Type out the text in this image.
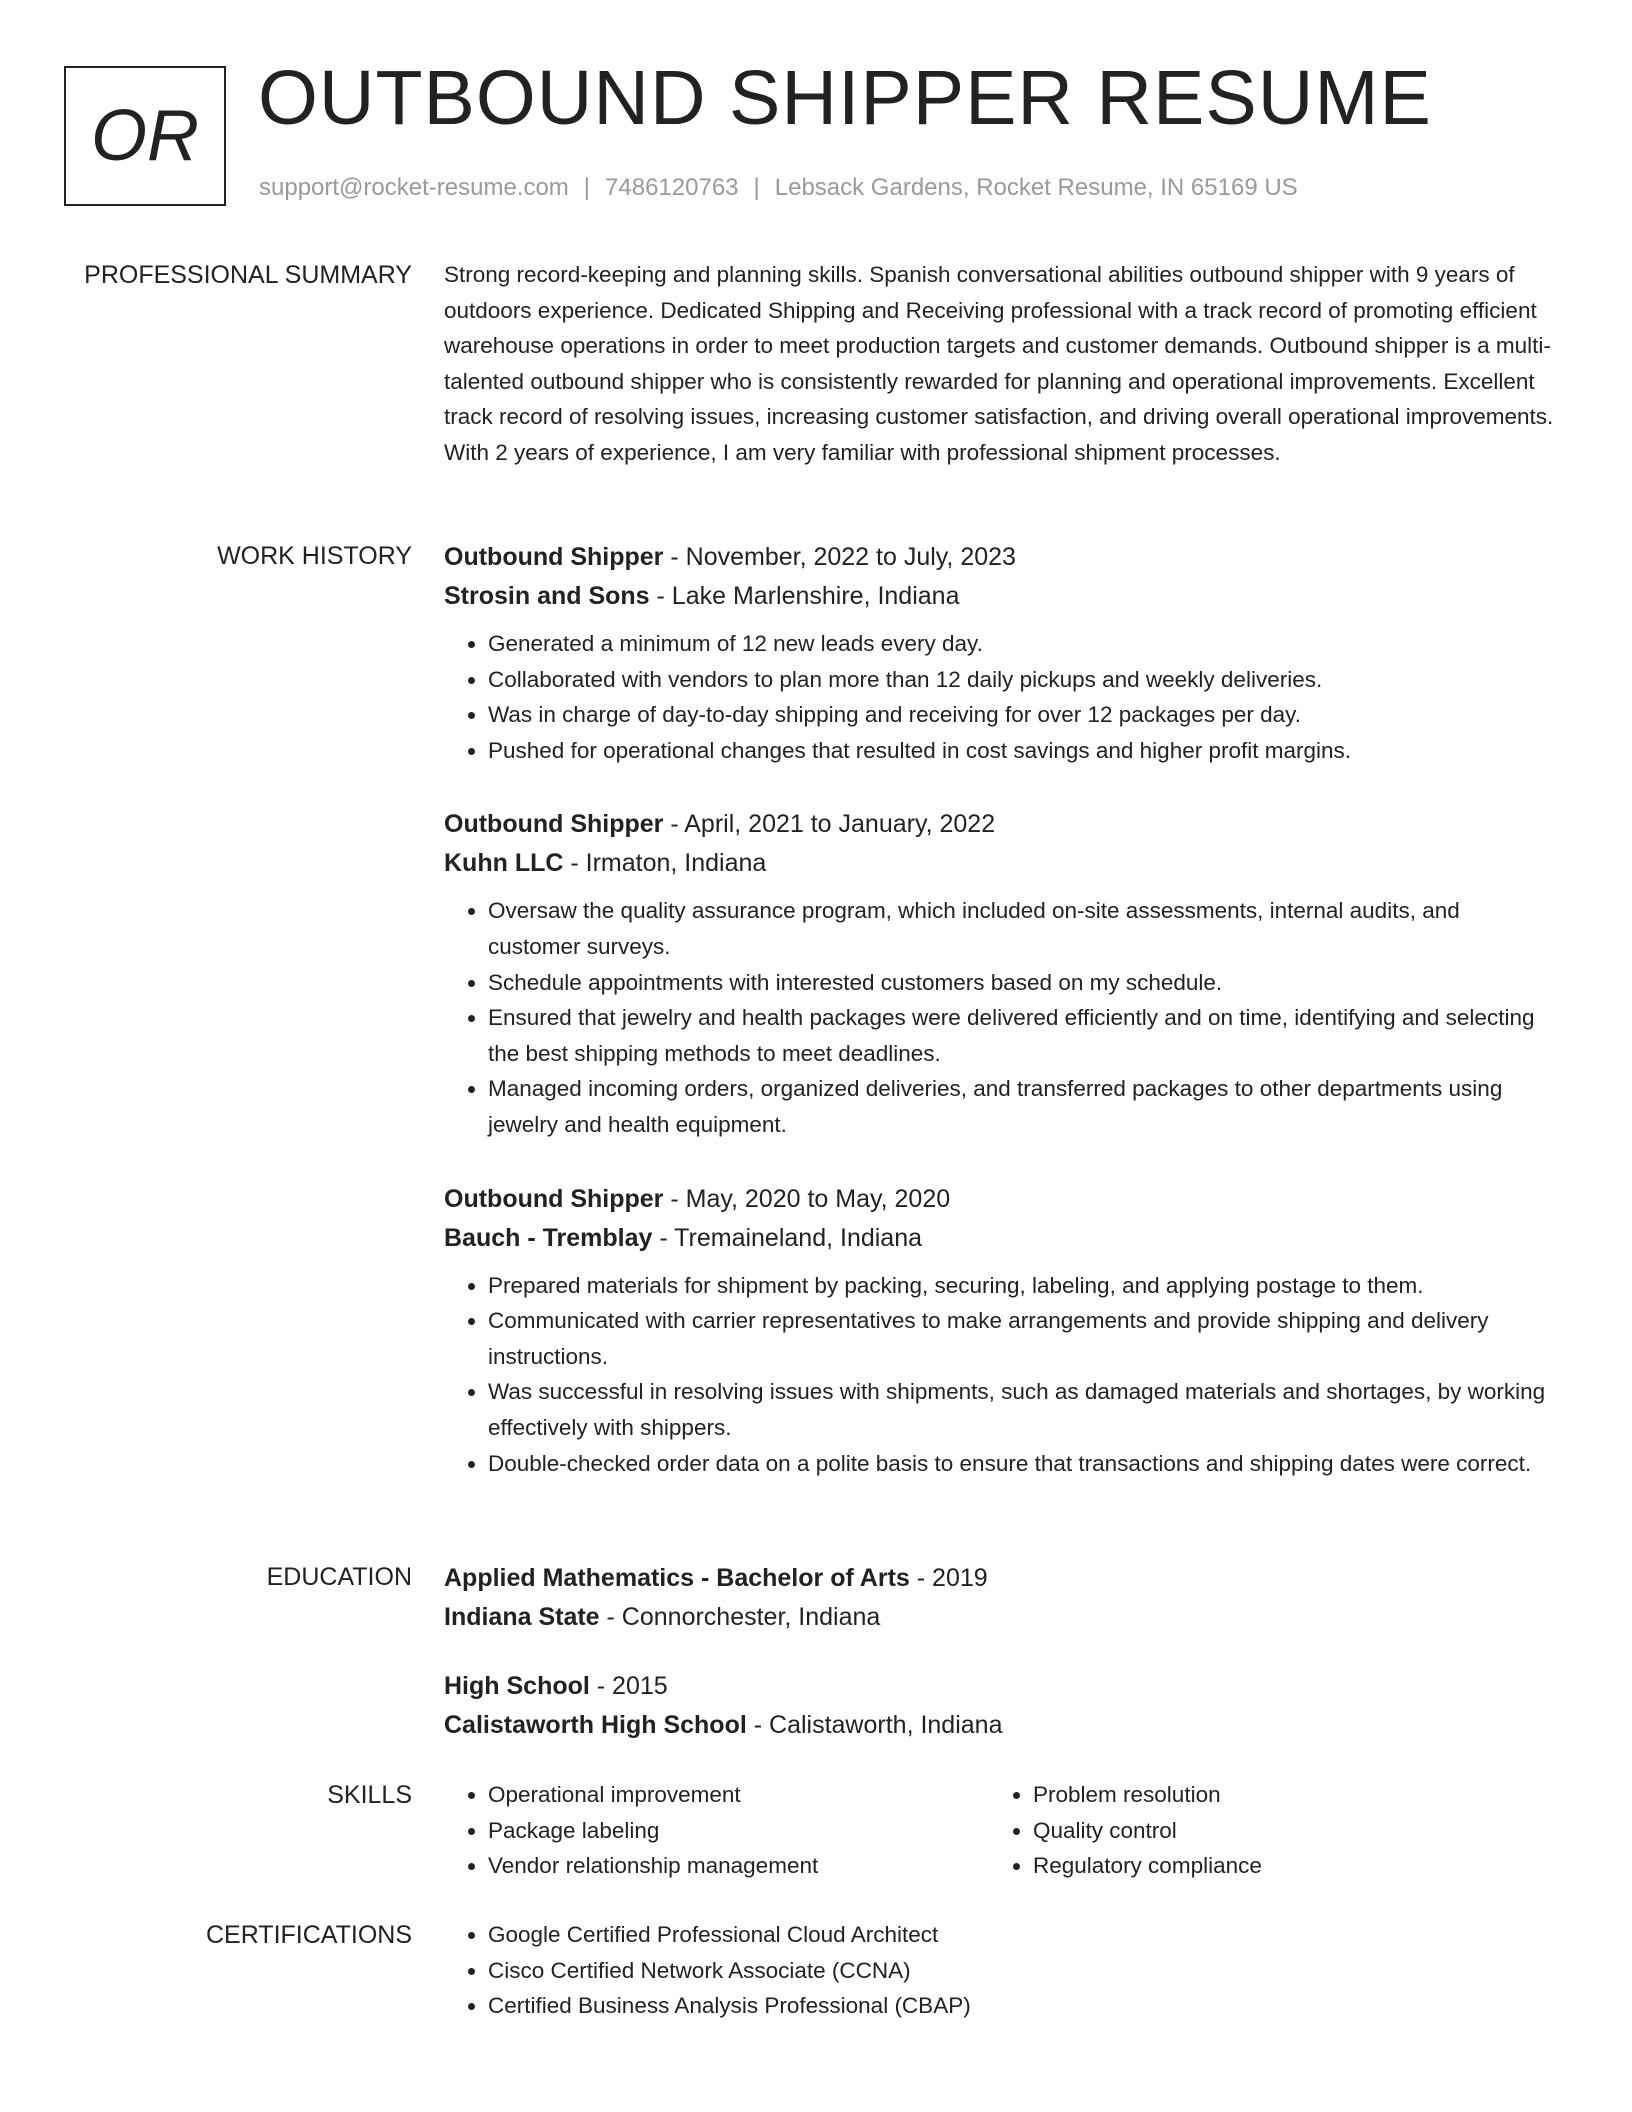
OR OUTBOUND SHIPPER RESUME
support@rocket-resume.com | 7486120763 | Lebsack Gardens, Rocket Resume, IN 65169 US
PROFESSIONAL SUMMARY Strong record-keeping and planning skills. Spanish conversational abilities outbound shipper with 9 years of outdoors experience. Dedicated Shipping and Receiving professional with a track record of promoting efficient warehouse operations in order to meet production targets and customer demands. Outbound shipper is a multi-talented outbound shipper who is consistently rewarded for planning and operational improvements. Excellent track record of resolving issues, increasing customer satisfaction, and driving overall operational improvements. With 2 years of experience, I am very familiar with professional shipment processes.

WORK HISTORY Outbound Shipper - November, 2022 to July, 2023
Strosin and Sons - Lake Marlenshire, Indiana
• Generated a minimum of 12 new leads every day.
• Collaborated with vendors to plan more than 12 daily pickups and weekly deliveries.
• Was in charge of day-to-day shipping and receiving for over 12 packages per day.
• Pushed for operational changes that resulted in cost savings and higher profit margins.
Outbound Shipper - April, 2021 to January, 2022
Kuhn LLC - Irmaton, Indiana
• Oversaw the quality assurance program, which included on-site assessments, internal audits, and customer surveys.
• Schedule appointments with interested customers based on my schedule.
• Ensured that jewelry and health packages were delivered efficiently and on time, identifying and selecting the best shipping methods to meet deadlines.
• Managed incoming orders, organized deliveries, and transferred packages to other departments using jewelry and health equipment.
Outbound Shipper - May, 2020 to May, 2020
Bauch - Tremblay - Tremaineland, Indiana
• Prepared materials for shipment by packing, securing, labeling, and applying postage to them.
• Communicated with carrier representatives to make arrangements and provide shipping and delivery instructions.
• Was successful in resolving issues with shipments, such as damaged materials and shortages, by working effectively with shippers.
• Double-checked order data on a polite basis to ensure that transactions and shipping dates were correct.
EDUCATION Applied Mathematics - Bachelor of Arts - 2019
Indiana State - Connorchester, Indiana
High School - 2015
Calistaworth High School - Calistaworth, Indiana
SKILLS	• Operational improvement
• Package labeling
• Vendor relationship management
• Problem resolution
• Quality control
• Regulatory compliance
CERTIFICATIONS	• Google Certified Professional Cloud Architect
• Cisco Certified Network Associate (CCNA)
• Certified Business Analysis Professional (CBAP)
